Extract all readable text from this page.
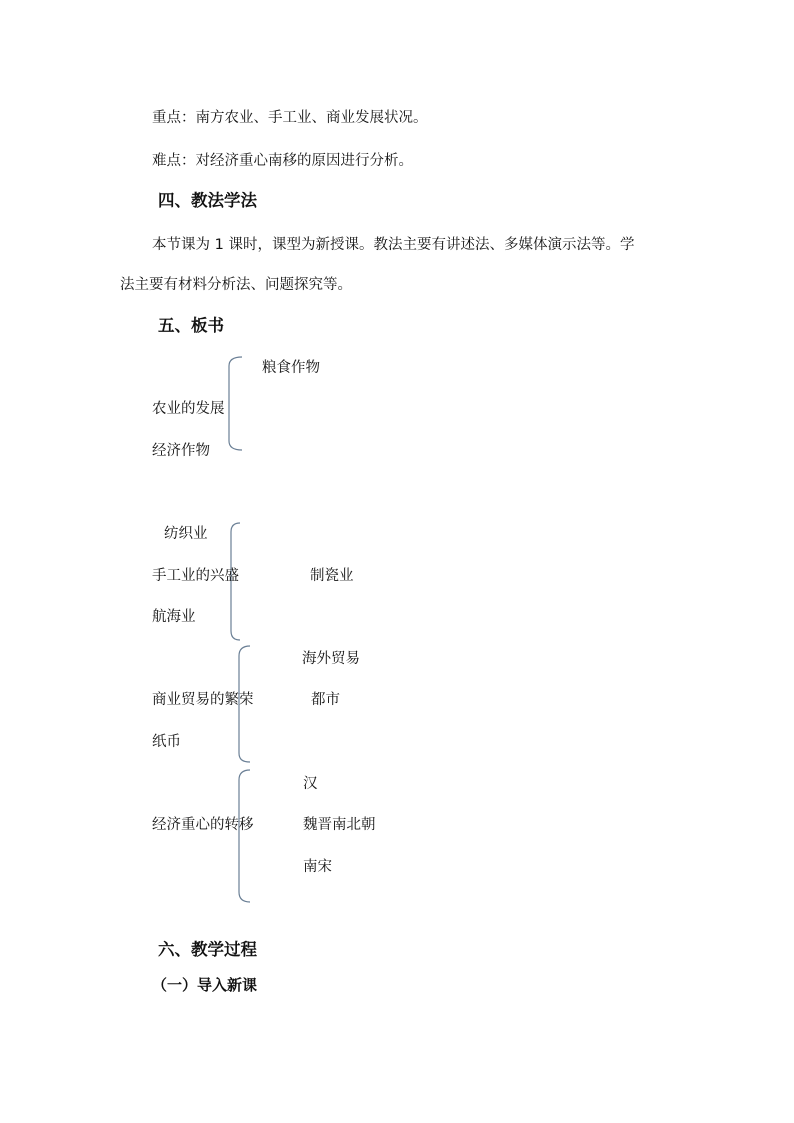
重点：南方农业、手工业、商业发展状况。
难点：对经济重心南移的原因进行分析。
四、教法学法
本节课为 1 课时，课型为新授课。教法主要有讲述法、多媒体演示法等。学
法主要有材料分析法、问题探究等。
五、板书
粮食作物
农业的发展
经济作物
纺织业
手工业的兴盛	制瓷业
航海业
海外贸易
商业贸易的繁荣	都市
纸币
汉
经济重心的转移	魏晋南北朝
南宋
六、教学过程
（一）导入新课
